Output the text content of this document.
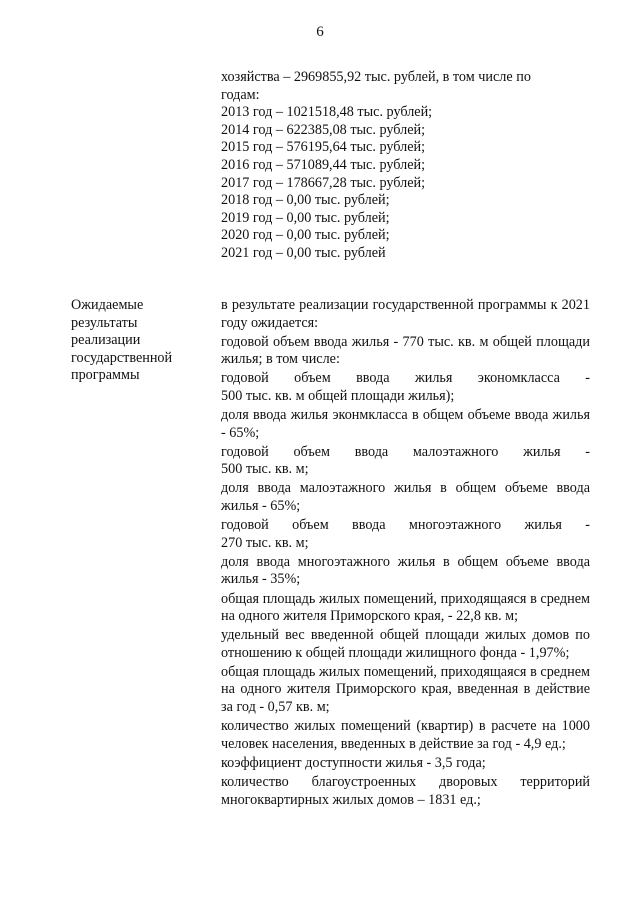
6
хозяйства – 2969855,92 тыс. рублей, в том числе по
годам:
2013 год – 1021518,48 тыс. рублей;
2014 год – 622385,08 тыс. рублей;
2015 год – 576195,64 тыс. рублей;
2016 год – 571089,44 тыс. рублей;
2017 год – 178667,28 тыс. рублей;
2018 год – 0,00 тыс. рублей;
2019 год – 0,00 тыс. рублей;
2020 год – 0,00 тыс. рублей;
2021 год – 0,00 тыс. рублей
Ожидаемые
результаты
реализации
государственной
программы
в результате реализации государственной программы к 2021 году ожидается:
годовой объем ввода жилья - 770 тыс. кв. м общей площади жилья; в том числе:
годовой объем ввода жилья экономкласса -
500 тыс. кв. м общей площади жилья);
доля ввода жилья эконмкласса в общем объеме ввода жилья - 65%;
годовой объем ввода малоэтажного жилья -
500 тыс. кв. м;
доля ввода малоэтажного жилья в общем объеме ввода жилья - 65%;
годовой объем ввода многоэтажного жилья -
270 тыс. кв. м;
доля ввода многоэтажного жилья в общем объеме ввода жилья - 35%;
общая площадь жилых помещений, приходящаяся в среднем на одного жителя Приморского края, - 22,8 кв. м;
удельный вес введенной общей площади жилых домов по отношению к общей площади жилищного фонда - 1,97%;
общая площадь жилых помещений, приходящаяся в среднем на одного жителя Приморского края, введенная в действие за год - 0,57 кв. м;
количество жилых помещений (квартир) в расчете на 1000 человек населения, введенных в действие за год - 4,9 ед.;
коэффициент доступности жилья - 3,5 года;
количество благоустроенных дворовых территорий многоквартирных жилых домов – 1831 ед.;
